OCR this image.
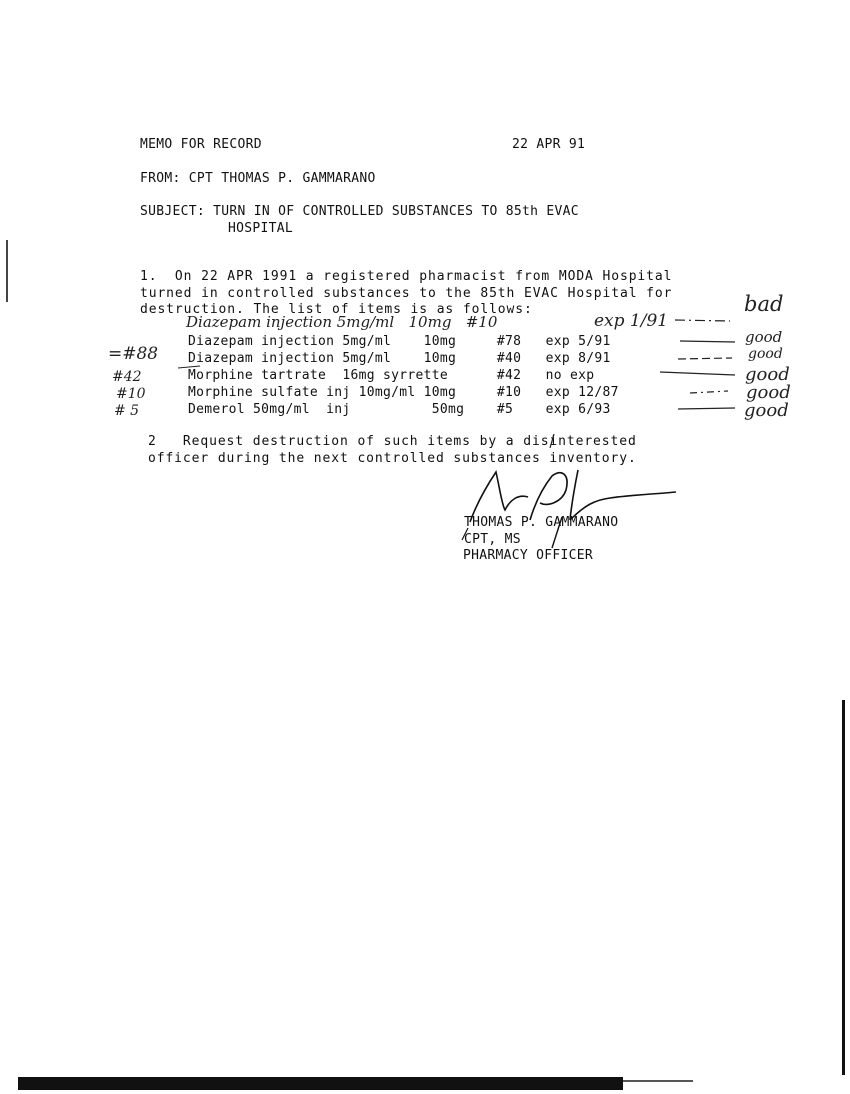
MEMO FOR RECORD	22 APR 91
FROM: CPT THOMAS P. GAMMARANO
SUBJECT: TURN IN OF CONTROLLED SUBSTANCES TO 85th EVAC
HOSPITAL
1.  On 22 APR 1991 a registered pharmacist from MODA Hospital
turned in controlled substances to the 85th EVAC Hospital for
destruction. The list of items is as follows:
Diazepam injection 5mg/ml   10mg   #10	exp 1/91
Diazepam injection 5mg/ml    10mg     #78   exp 5/91
Diazepam injection 5mg/ml    10mg     #40   exp 8/91
Morphine tartrate  16mg syrrette      #42   no exp
Morphine sulfate inj 10mg/ml 10mg     #10   exp 12/87
Demerol 50mg/ml  inj          50mg    #5    exp 6/93
bad
good
good
good
good
good
=#88
#42
#10
# 5
2   Request destruction of such items by a disinterested
officer during the next controlled substances inventory.
THOMAS P. GAMMARANO
CPT, MS
PHARMACY OFFICER
